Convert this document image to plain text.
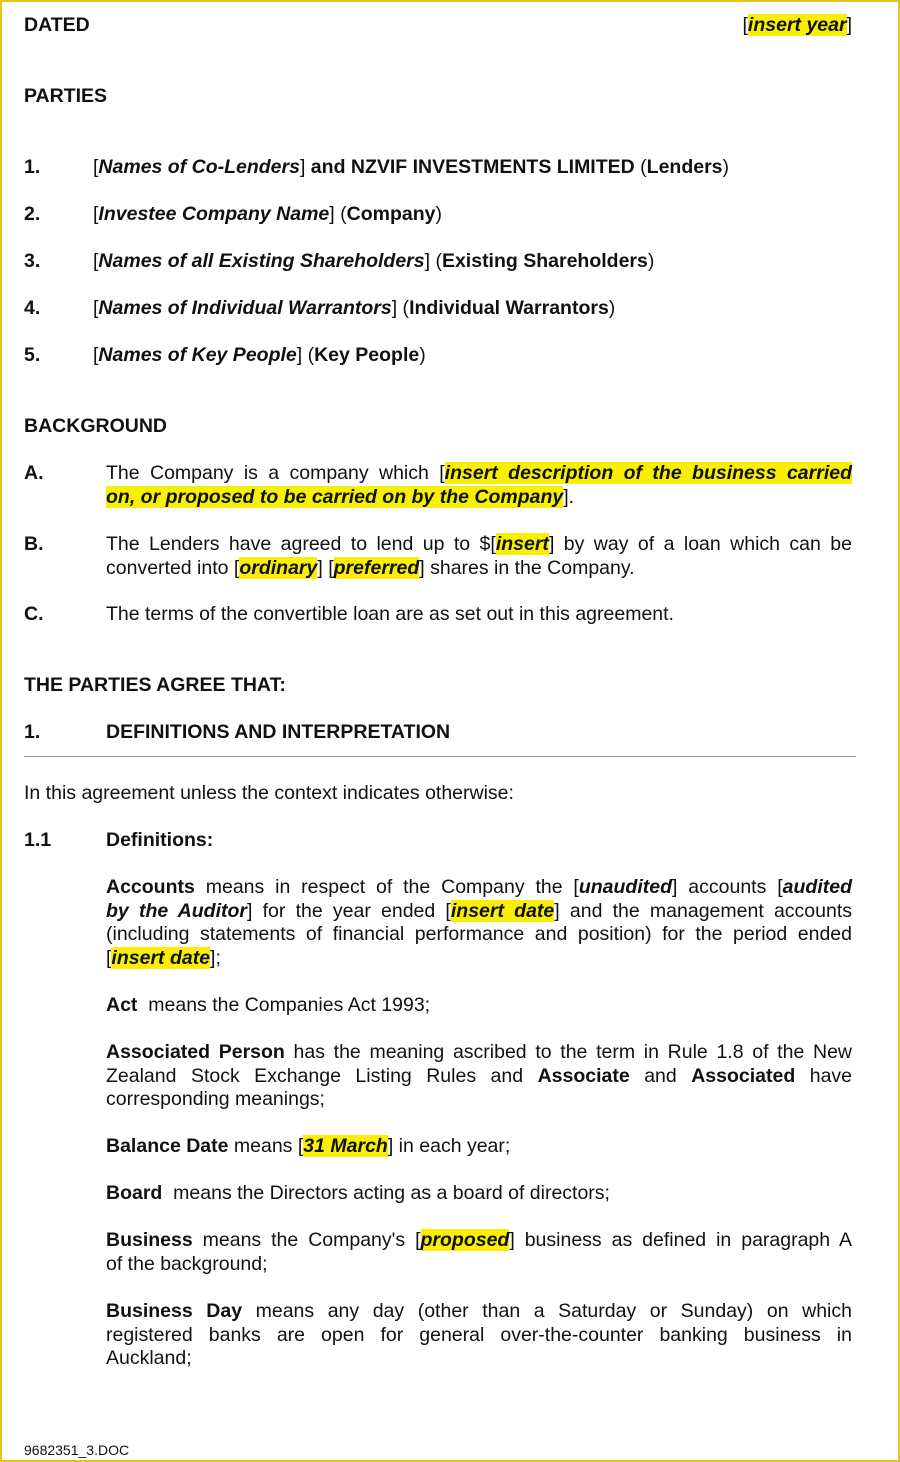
DATED	[insert year]
PARTIES
1.	[Names of Co-Lenders] and NZVIF INVESTMENTS LIMITED (Lenders)
2.	[Investee Company Name] (Company)
3.	[Names of all Existing Shareholders] (Existing Shareholders)
4.	[Names of Individual Warrantors] (Individual Warrantors)
5.	[Names of Key People] (Key People)
BACKGROUND
A.	The Company is a company which [insert description of the business carried
on, or proposed to be carried on by the Company].
B.	The Lenders have agreed to lend up to $[insert] by way of a loan which can be
converted into [ordinary] [preferred] shares in the Company.
C.	The terms of the convertible loan are as set out in this agreement.
THE PARTIES AGREE THAT:
1.	DEFINITIONS AND INTERPRETATION
In this agreement unless the context indicates otherwise:
1.1	Definitions:
Accounts means in respect of the Company the [unaudited] accounts [audited
by the Auditor] for the year ended [insert date] and the management accounts
(including statements of financial performance and position) for the period ended
[insert date];
Act  means the Companies Act 1993;
Associated Person has the meaning ascribed to the term in Rule 1.8 of the New
Zealand Stock Exchange Listing Rules and Associate and Associated have
corresponding meanings;
Balance Date means [31 March] in each year;
Board  means the Directors acting as a board of directors;
Business means the Company's [proposed] business as defined in paragraph A
of the background;
Business Day means any day (other than a Saturday or Sunday) on which
registered banks are open for general over-the-counter banking business in
Auckland;
9682351_3.DOC
